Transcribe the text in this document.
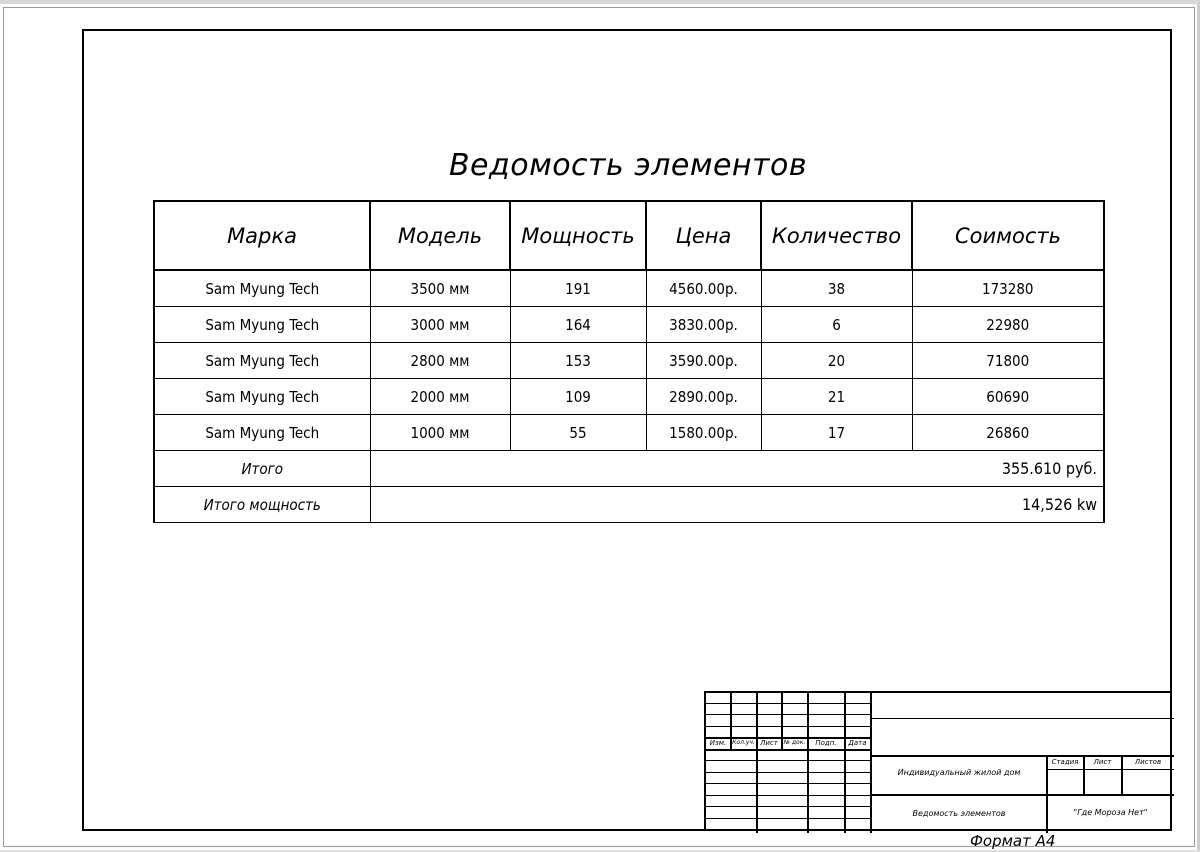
Ведомость элементов
Марка	Модель	Мощность	Цена	Количество	Соимость
Sam Myung Tech	3500 мм	191	4560.00р.	38	173280
Sam Myung Tech	3000 мм	164	3830.00р.	6	22980
Sam Myung Tech	2800 мм	153	3590.00р.	20	71800
Sam Myung Tech	2000 мм	109	2890.00р.	21	60690
Sam Myung Tech	1000 мм	55	1580.00р.	17	26860
Итого	355.610 руб.				
Итого мощность	14,526 kw				
Изм. Кол.уч. Лист № док.	Подп.	Дата
Стадия	Лист	Листов
Индивидуальный жилой дом
Ведомость элементов	"Где Мороза Нет"
Формат А4
